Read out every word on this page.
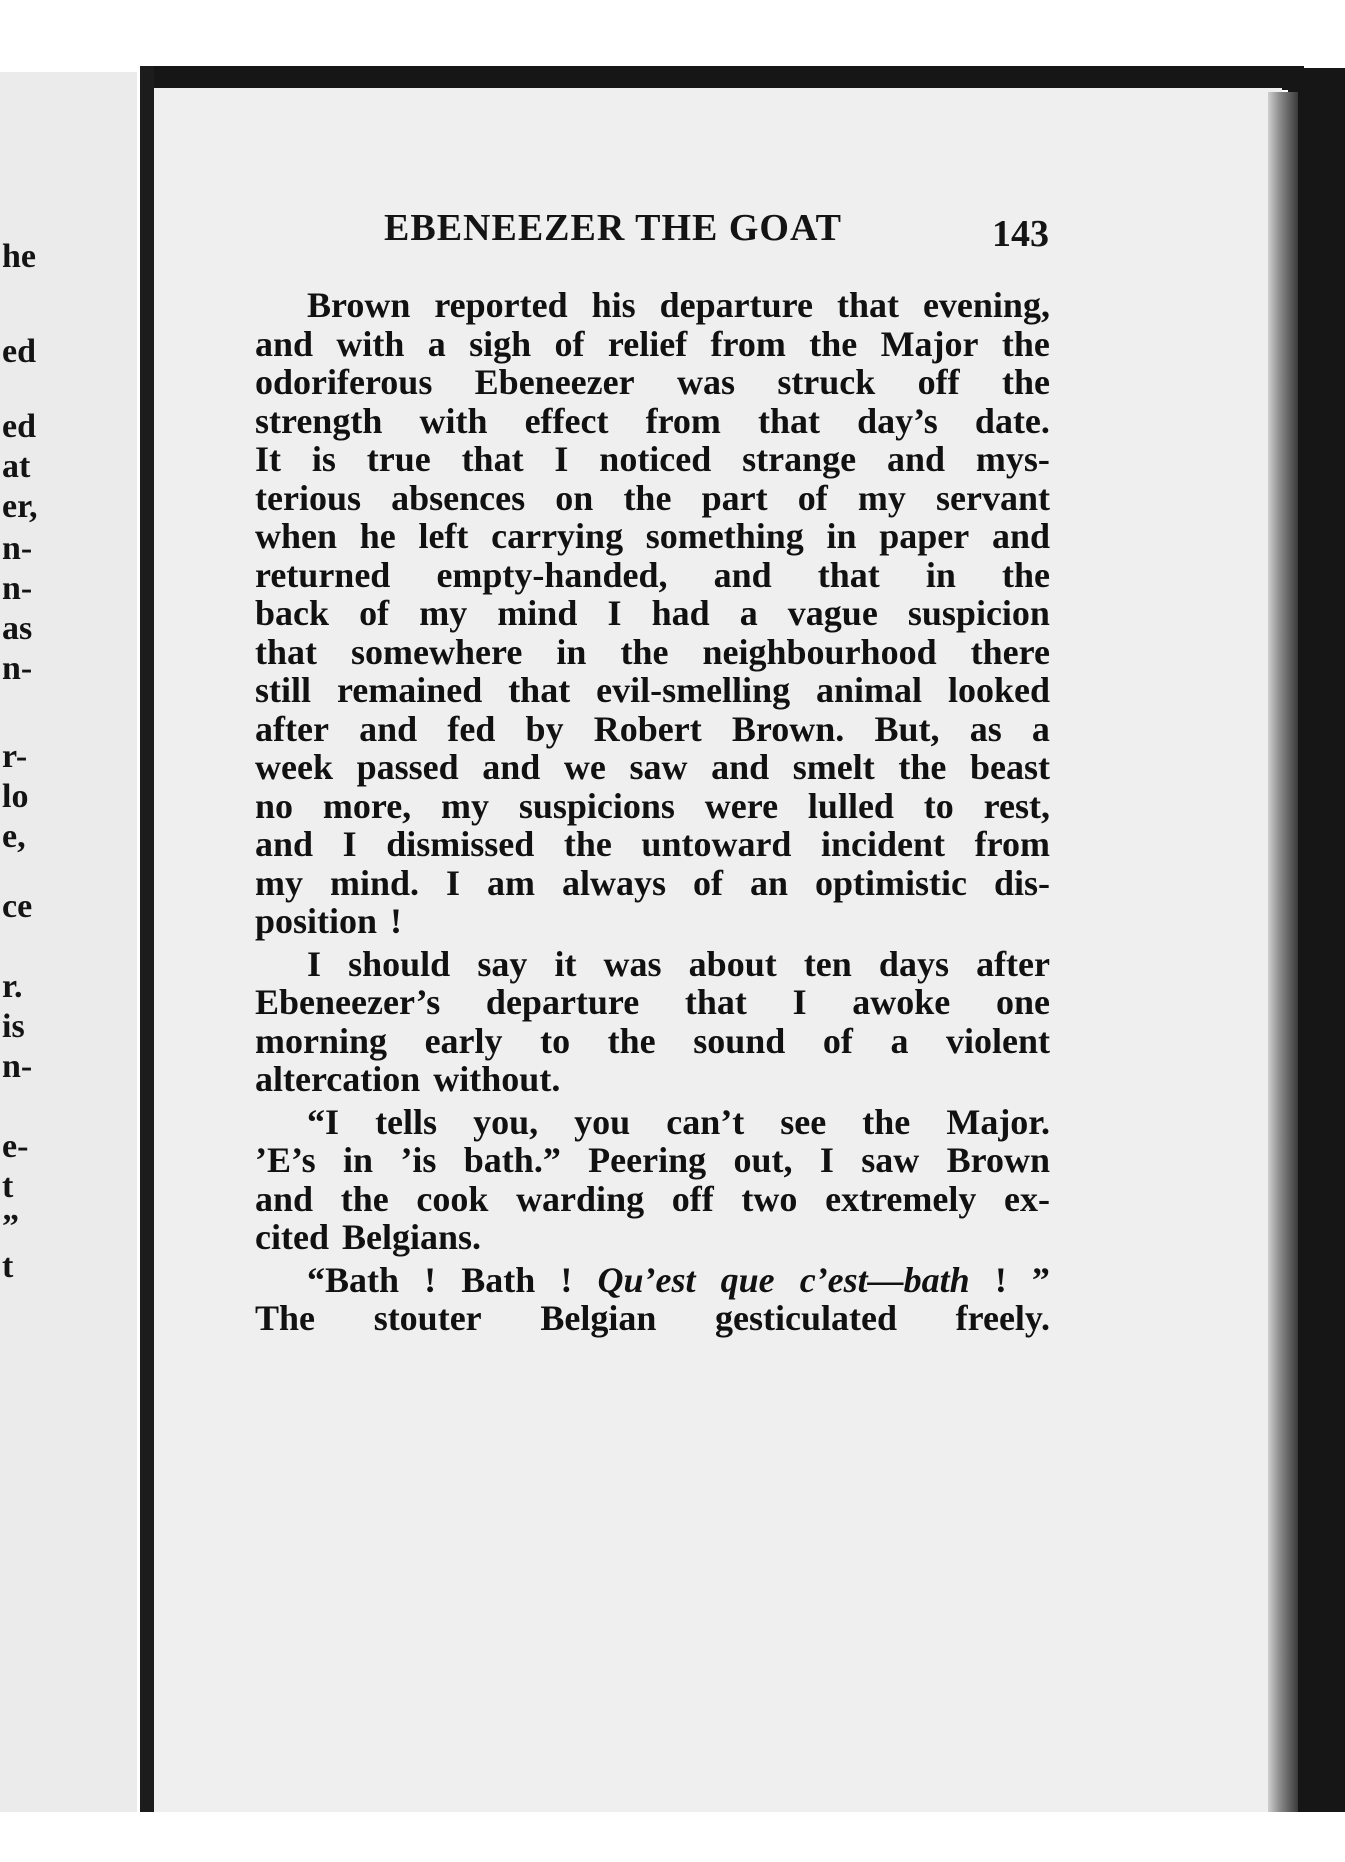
he
ed
ed
at
er,
n-
n-
as
n-
r-
lo
e,
ce
r.
is
n-
e-
t
”
t
EBENEEZER THE GOAT	143
Brown reported his departure that evening,
and with a sigh of relief from the Major the
odoriferous Ebeneezer was struck off the
strength with effect from that day’s date.
It is true that I noticed strange and mys-
terious absences on the part of my servant
when he left carrying something in paper and
returned empty-handed, and that in the
back of my mind I had a vague suspicion
that somewhere in the neighbourhood there
still remained that evil-smelling animal looked
after and fed by Robert Brown. But, as a
week passed and we saw and smelt the beast
no more, my suspicions were lulled to rest,
and I dismissed the untoward incident from
my mind. I am always of an optimistic dis-
position !
I should say it was about ten days after
Ebeneezer’s departure that I awoke one
morning early to the sound of a violent
altercation without.
“I tells you, you can’t see the Major.
’E’s in ’is bath.” Peering out, I saw Brown
and the cook warding off two extremely ex-
cited Belgians.
“Bath ! Bath ! Qu’est que c’est—bath ! ”
The stouter Belgian gesticulated freely.
